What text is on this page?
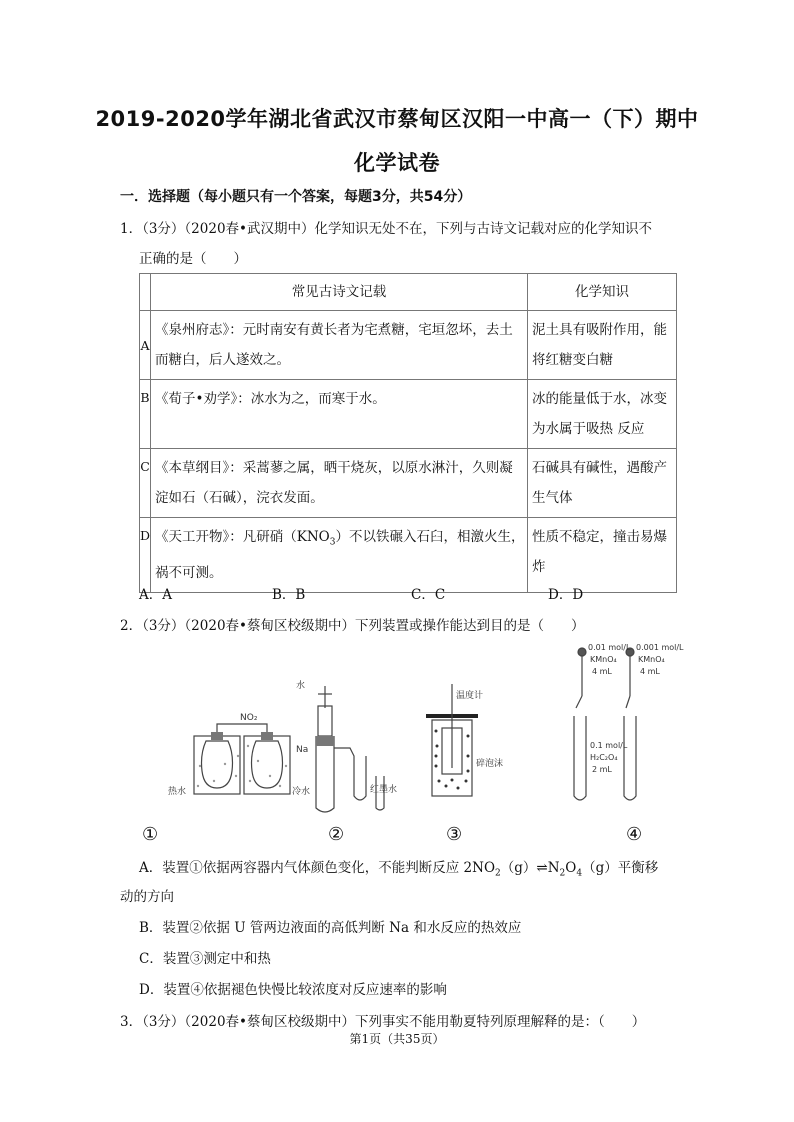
2019-2020学年湖北省武汉市蔡甸区汉阳一中高一（下）期中
化学试卷
一．选择题（每小题只有一个答案，每题3分，共54分）
1．（3分）（2020春•武汉期中）化学知识无处不在，下列与古诗文记载对应的化学知识不
正确的是（　　）
	常见古诗文记载	化学知识
A	《泉州府志》：元时南安有黄长者为宅煮糖，宅垣忽坏，去土而糖白，后人遂效之。	泥土具有吸附作用，能将红糖变白糖
B	《荀子•劝学》：冰水为之，而寒于水。	冰的能量低于水，冰变为水属于吸热 反应
C	《本草纲目》：采蒿蓼之属，晒干烧灰，以原水淋汁，久则凝淀如石（石碱），浣衣发面。	石碱具有碱性，遇酸产生气体
D	《天工开物》：凡研硝$(KNO_3)$不以铁碾入石臼，相激火生，祸不可测。	性质不稳定，撞击易爆炸
A．A	B．B	C．C	D．D
2．（3分）（2020春•蔡甸区校级期中）下列装置或操作能达到目的是（　　）
NO₂
热水	冷水
水
Na
红墨水
温度计
碎泡沫
0.01 mol/L
KMnO₄
4 mL
0.001 mol/L
KMnO₄
4 mL
0.1 mol/L
H₂C₂O₄
2 mL
①	②	③	④
A．装置①依据两容器内气体颜色变化，不能判断反应 $2NO_2(g)\rightleftharpoons N_2O_4(g)$平衡移
动的方向
B．装置②依据 U 管两边液面的高低判断 Na 和水反应的热效应
C．装置③测定中和热
D．装置④依据褪色快慢比较浓度对反应速率的影响
3．（3分）（2020春•蔡甸区校级期中）下列事实不能用勒夏特列原理解释的是：（　　）
第1页（共35页）
